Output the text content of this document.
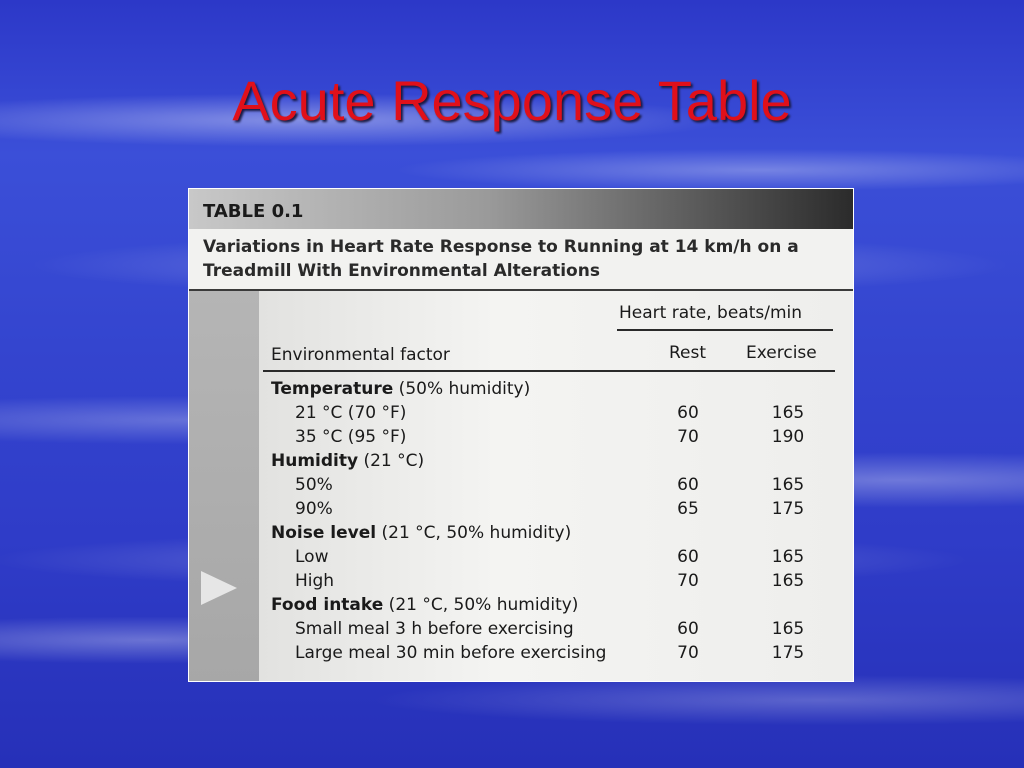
Acute Response Table
TABLE 0.1
Variations in Heart Rate Response to Running at 14 km/h on a
Treadmill With Environmental Alterations
Heart rate, beats/min
Environmental factor	Rest Exercise
Temperature (50% humidity)
21 °C (70 °F)	60	165
35 °C (95 °F)	70	190
Humidity (21 °C)
50%	60	165
90%	65	175
Noise level (21 °C, 50% humidity)
Low	60	165
High	70	165
Food intake (21 °C, 50% humidity)
Small meal 3 h before exercising	60	165
Large meal 30 min before exercising	70	175
